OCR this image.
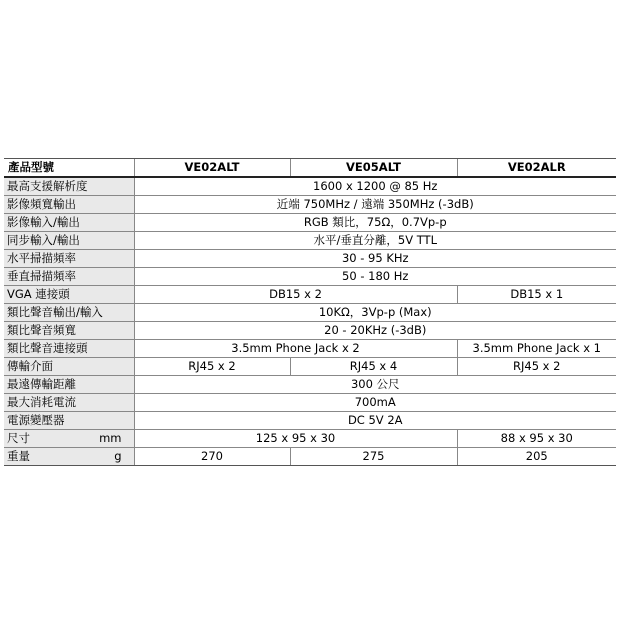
產品型號	VE02ALT	VE05ALT	VE02ALR
最高支援解析度	1600 x 1200 @ 85 Hz		
影像頻寬輸出	近端 750MHz / 遠端 350MHz (-3dB)		
影像輸入/輸出	RGB 類比，75Ω，0.7Vp-p		
同步輸入/輸出	水平/垂直分離，5V TTL		
水平掃描頻率	30 - 95 KHz		
垂直掃描頻率	50 - 180 Hz		
VGA 連接頭	DB15 x 2		DB15 x 1
類比聲音輸出/輸入	10KΩ，3Vp-p (Max)		
類比聲音頻寬	20 - 20KHz (-3dB)		
類比聲音連接頭	3.5mm Phone Jack x 2		3.5mm Phone Jack x 1
傳輸介面	RJ45 x 2	RJ45 x 4	RJ45 x 2
最遠傳輸距離	300 公尺		
最大消耗電流	700mA		
電源變壓器	DC 5V 2A		

尺寸 mm	125 x 95 x 30		88 x 95 x 30

重量 g	270	275	205
